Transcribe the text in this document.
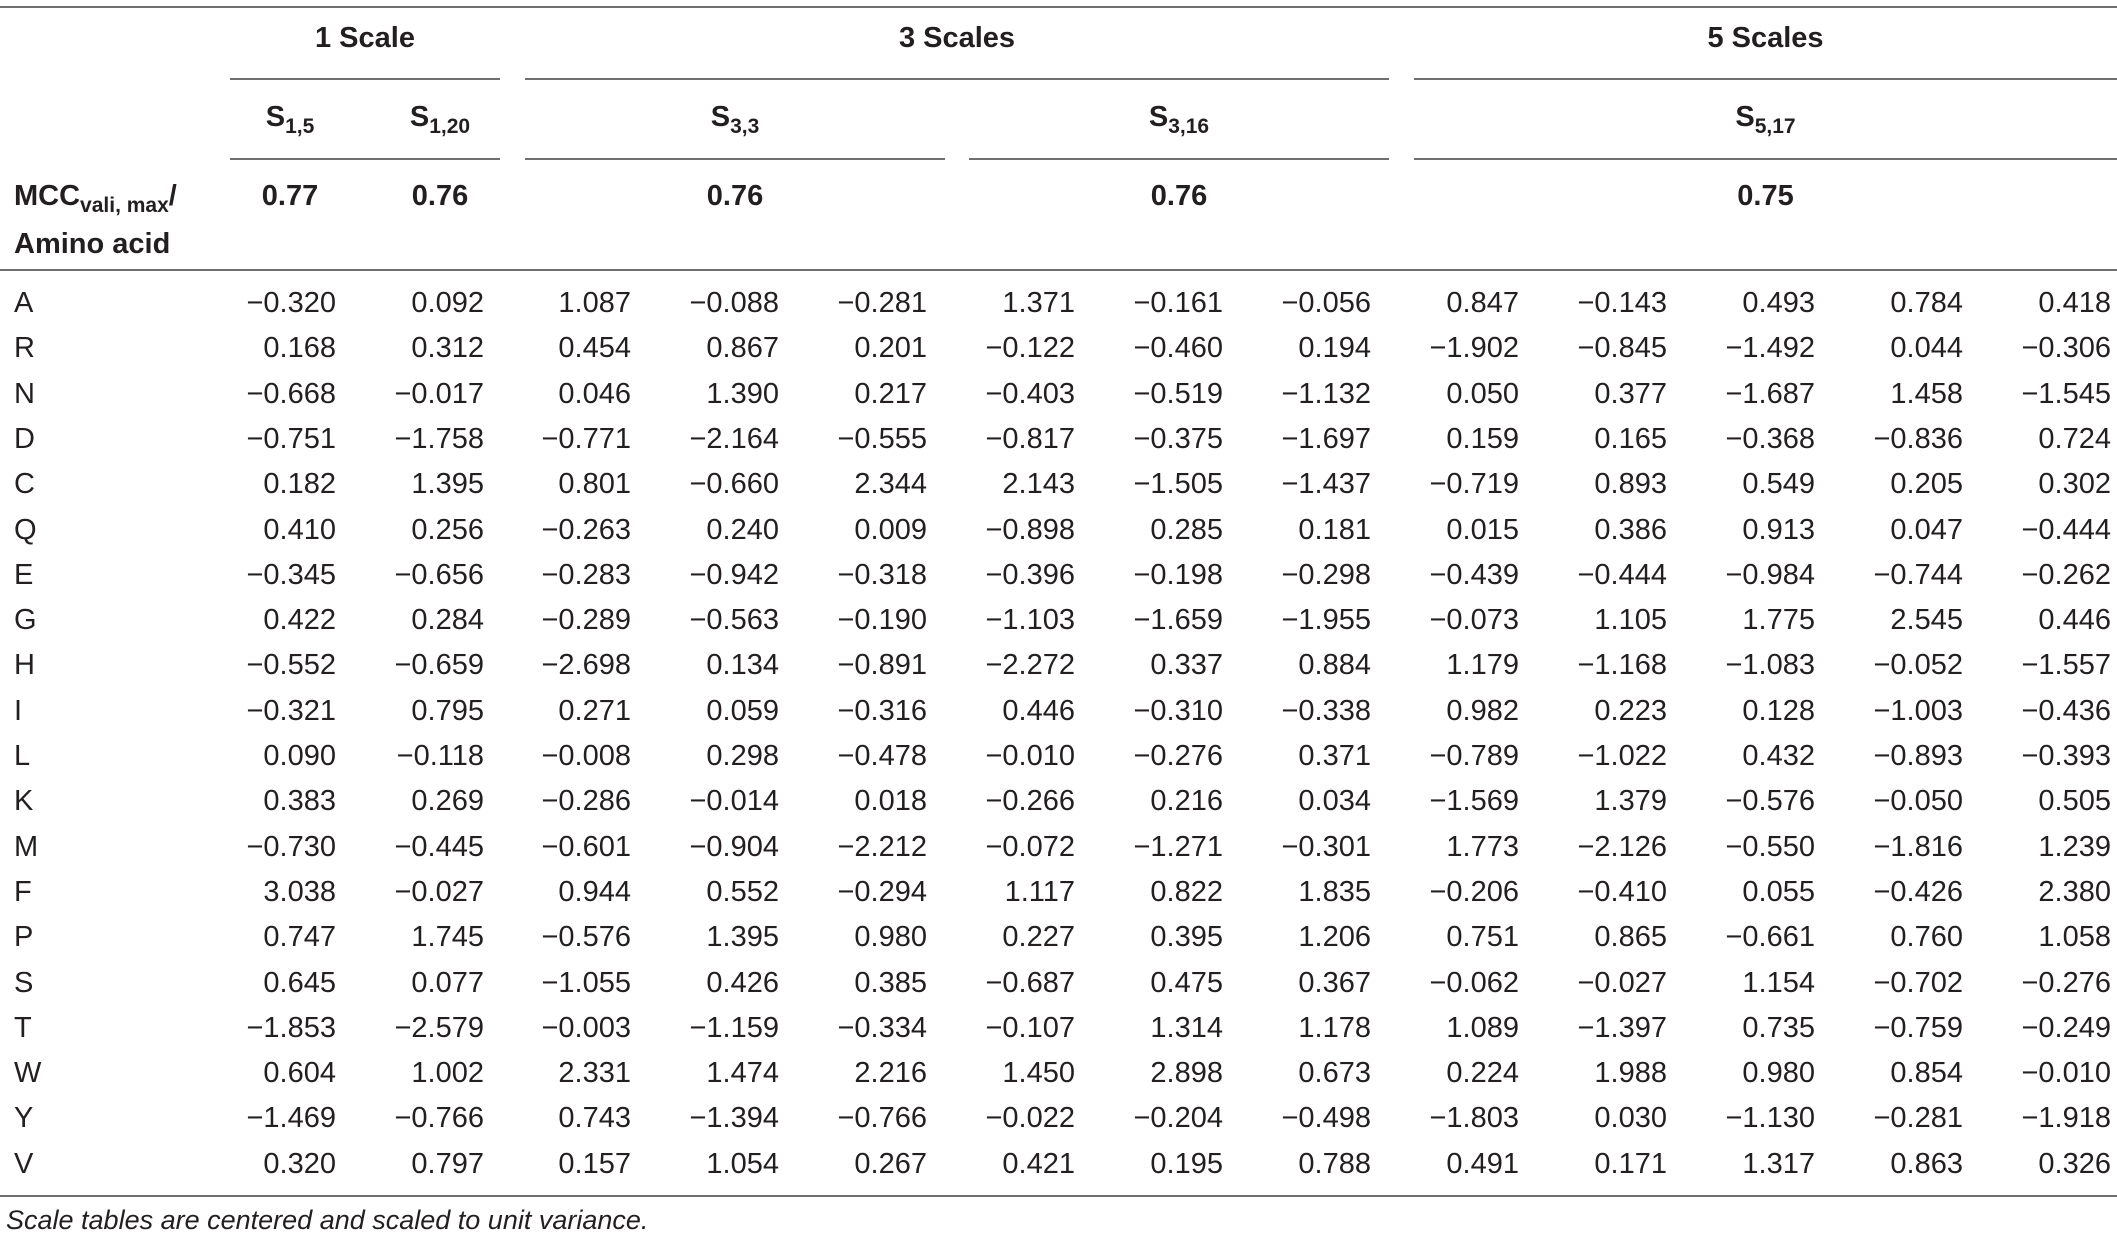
1 Scale	3 Scales	5 Scales
$S_{1,5}$	$S_{1,20}$	$S_{3,3}$	$S_{3,16}$	$S_{5,17}$
$MCC_{vali, max}/$
Amino acid
0.77	0.76	0.76	0.76	0.75
A	−0.320	0.092	1.087	−0.088	−0.281	1.371	−0.161	−0.056	0.847	−0.143	0.493	0.784	0.418
R	0.168	0.312	0.454	0.867	0.201	−0.122	−0.460	0.194	−1.902	−0.845	−1.492	0.044	−0.306
N	−0.668	−0.017	0.046	1.390	0.217	−0.403	−0.519	−1.132	0.050	0.377	−1.687	1.458	−1.545
D	−0.751	−1.758	−0.771	−2.164	−0.555	−0.817	−0.375	−1.697	0.159	0.165	−0.368	−0.836	0.724
C	0.182	1.395	0.801	−0.660	2.344	2.143	−1.505	−1.437	−0.719	0.893	0.549	0.205	0.302
Q	0.410	0.256	−0.263	0.240	0.009	−0.898	0.285	0.181	0.015	0.386	0.913	0.047	−0.444
E	−0.345	−0.656	−0.283	−0.942	−0.318	−0.396	−0.198	−0.298	−0.439	−0.444	−0.984	−0.744	−0.262
G	0.422	0.284	−0.289	−0.563	−0.190	−1.103	−1.659	−1.955	−0.073	1.105	1.775	2.545	0.446
H	−0.552	−0.659	−2.698	0.134	−0.891	−2.272	0.337	0.884	1.179	−1.168	−1.083	−0.052	−1.557
I	−0.321	0.795	0.271	0.059	−0.316	0.446	−0.310	−0.338	0.982	0.223	0.128	−1.003	−0.436
L	0.090	−0.118	−0.008	0.298	−0.478	−0.010	−0.276	0.371	−0.789	−1.022	0.432	−0.893	−0.393
K	0.383	0.269	−0.286	−0.014	0.018	−0.266	0.216	0.034	−1.569	1.379	−0.576	−0.050	0.505
M	−0.730	−0.445	−0.601	−0.904	−2.212	−0.072	−1.271	−0.301	1.773	−2.126	−0.550	−1.816	1.239
F	3.038	−0.027	0.944	0.552	−0.294	1.117	0.822	1.835	−0.206	−0.410	0.055	−0.426	2.380
P	0.747	1.745	−0.576	1.395	0.980	0.227	0.395	1.206	0.751	0.865	−0.661	0.760	1.058
S	0.645	0.077	−1.055	0.426	0.385	−0.687	0.475	0.367	−0.062	−0.027	1.154	−0.702	−0.276
T	−1.853	−2.579	−0.003	−1.159	−0.334	−0.107	1.314	1.178	1.089	−1.397	0.735	−0.759	−0.249
W	0.604	1.002	2.331	1.474	2.216	1.450	2.898	0.673	0.224	1.988	0.980	0.854	−0.010
Y	−1.469	−0.766	0.743	−1.394	−0.766	−0.022	−0.204	−0.498	−1.803	0.030	−1.130	−0.281	−1.918
V	0.320	0.797	0.157	1.054	0.267	0.421	0.195	0.788	0.491	0.171	1.317	0.863	0.326
Scale tables are centered and scaled to unit variance.
